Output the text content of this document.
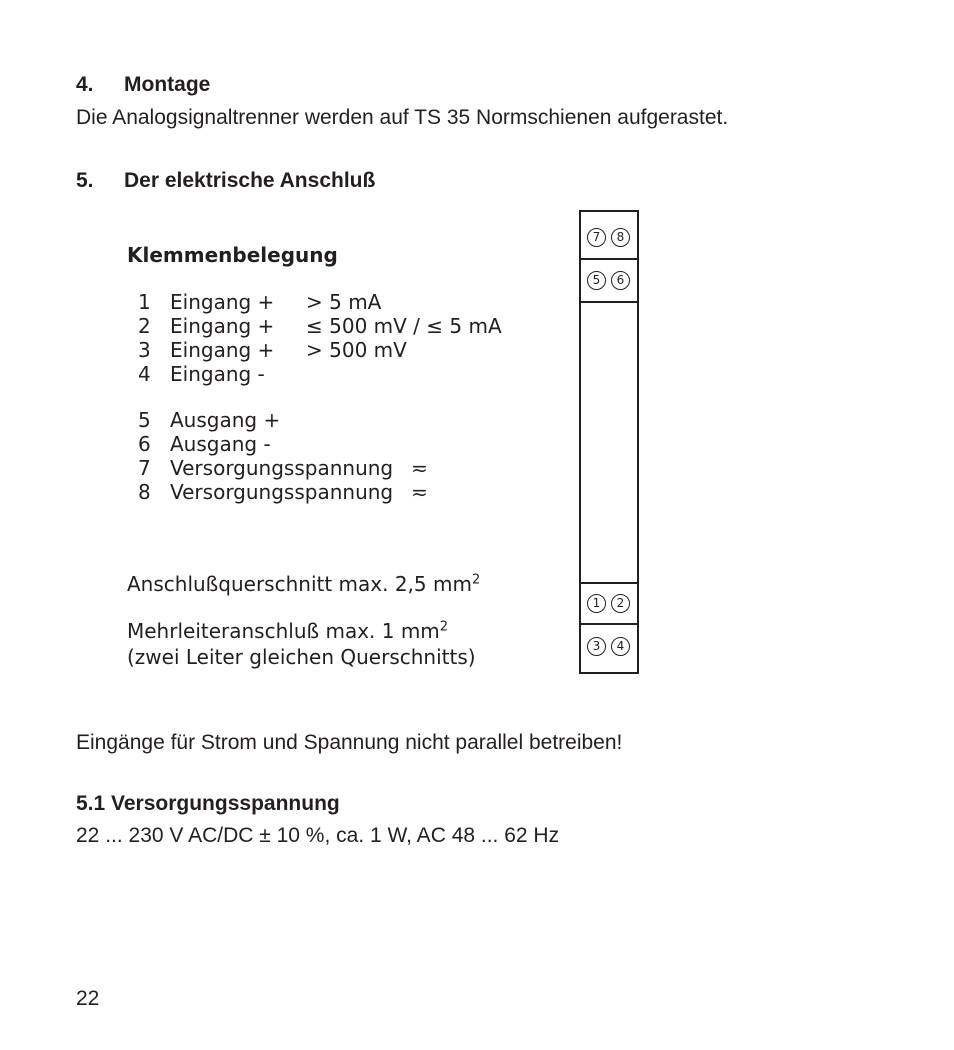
4. Montage
Die Analogsignaltrenner werden auf TS 35 Normschienen aufgerastet.
5. Der elektrische Anschluß
Klemmenbelegung
1 Eingang + > 5 mA
2 Eingang + ≤ 500 mV / ≤ 5 mA
3 Eingang + > 500 mV
4 Eingang -
5 Ausgang +
6 Ausgang -
7 Versorgungsspannung ≂
8 Versorgungsspannung ≂
Anschlußquerschnitt max. 2,5 $mm^2$
Mehrleiteranschluß max. 1 $mm^2$
(zwei Leiter gleichen Querschnitts)
7	8
5	6
1	2
3	4
Eingänge für Strom und Spannung nicht parallel betreiben!
5.1 Versorgungsspannung
22 ... 230 V AC/DC ± 10 %, ca. 1 W, AC 48 ... 62 Hz
22
